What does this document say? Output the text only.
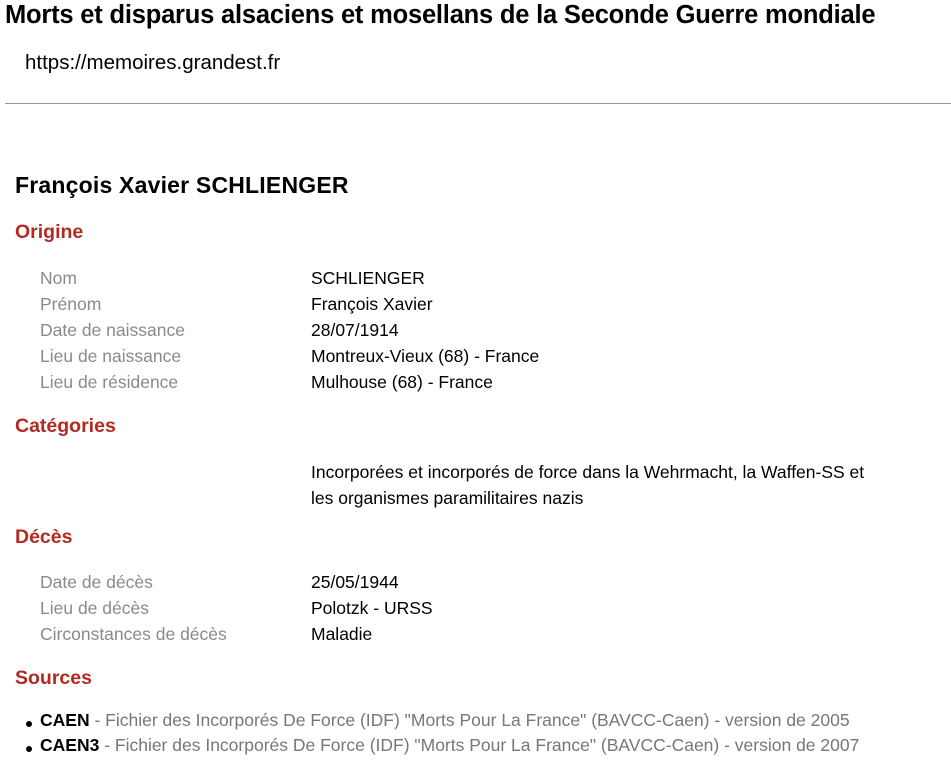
Morts et disparus alsaciens et mosellans de la Seconde Guerre mondiale
https://memoires.grandest.fr
François Xavier SCHLIENGER
Origine
Nom	SCHLIENGER
Prénom	François Xavier
Date de naissance	28/07/1914
Lieu de naissance	Montreux-Vieux (68) - France
Lieu de résidence	Mulhouse (68) - France
Catégories
Incorporées et incorporés de force dans la Wehrmacht, la Waffen-SS et les organismes paramilitaires nazis
Décès
Date de décès	25/05/1944
Lieu de décès	Polotzk - URSS
Circonstances de décès	Maladie
Sources
CAEN - Fichier des Incorporés De Force (IDF) "Morts Pour La France" (BAVCC-Caen) - version de 2005
CAEN3 - Fichier des Incorporés De Force (IDF) "Morts Pour La France" (BAVCC-Caen) - version de 2007
